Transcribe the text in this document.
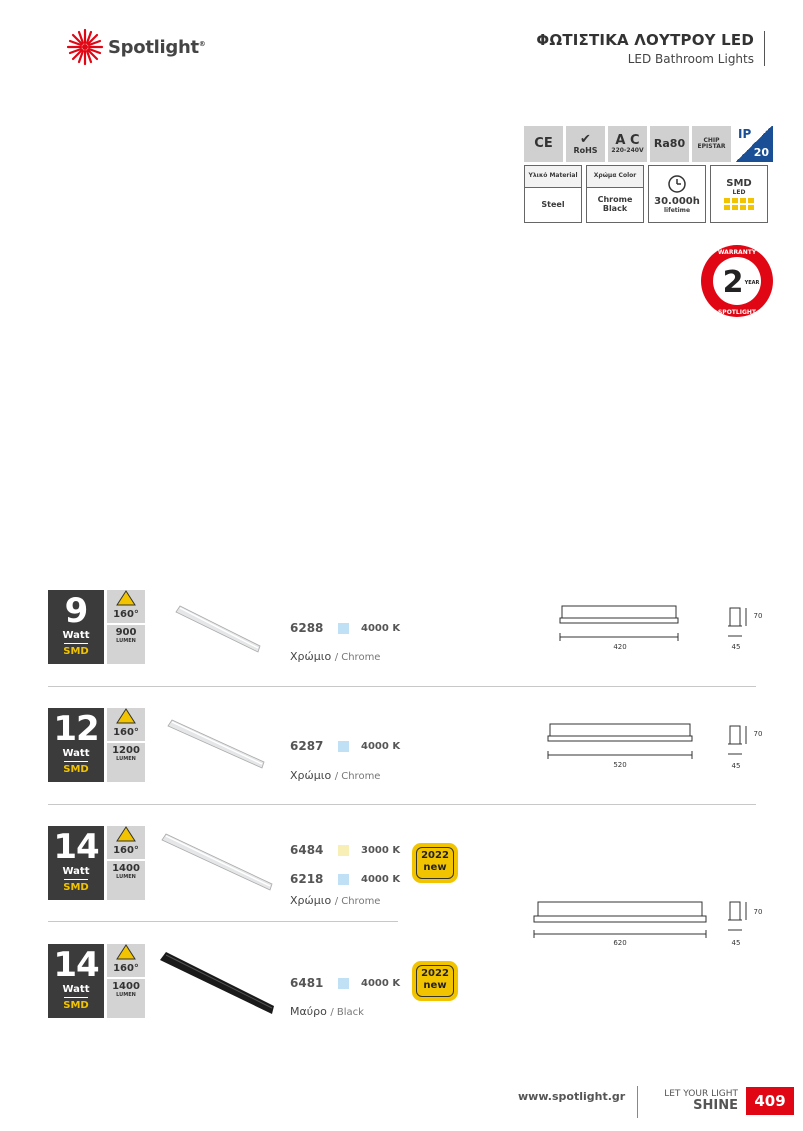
Spotlight®	ΦΩΤΙΣΤΙΚΑ ΛΟΥΤΡΟΥ LED
LED Bathroom Lights
CE ✔
RoHS
A C
220-240V Ra80	CHIP
EPISTAR
IP
20
Υλικό Material
Steel
Χρώμα Color
Chrome Black
30.000h
lifetime
SMD
LED
WARRANTY
2 YEAR
SPOTLIGHT
9
Watt
SMD
160°
900
LUMEN
6288	4000 K
Χρώμιο / Chrome
420
70
45
12
Watt
SMD
160°
1200
LUMEN
6287	4000 K
Χρώμιο / Chrome
520
70
45
14
Watt
SMD
160°
1400
LUMEN
6484	3000 K
6218	4000 K
2022
new
Χρώμιο / Chrome
620
70
45
14
Watt
SMD
160°
1400
LUMEN
6481	4000 K
2022
new
Μαύρο / Black
www.spotlight.gr	LET YOUR LIGHT
SHINE	409
